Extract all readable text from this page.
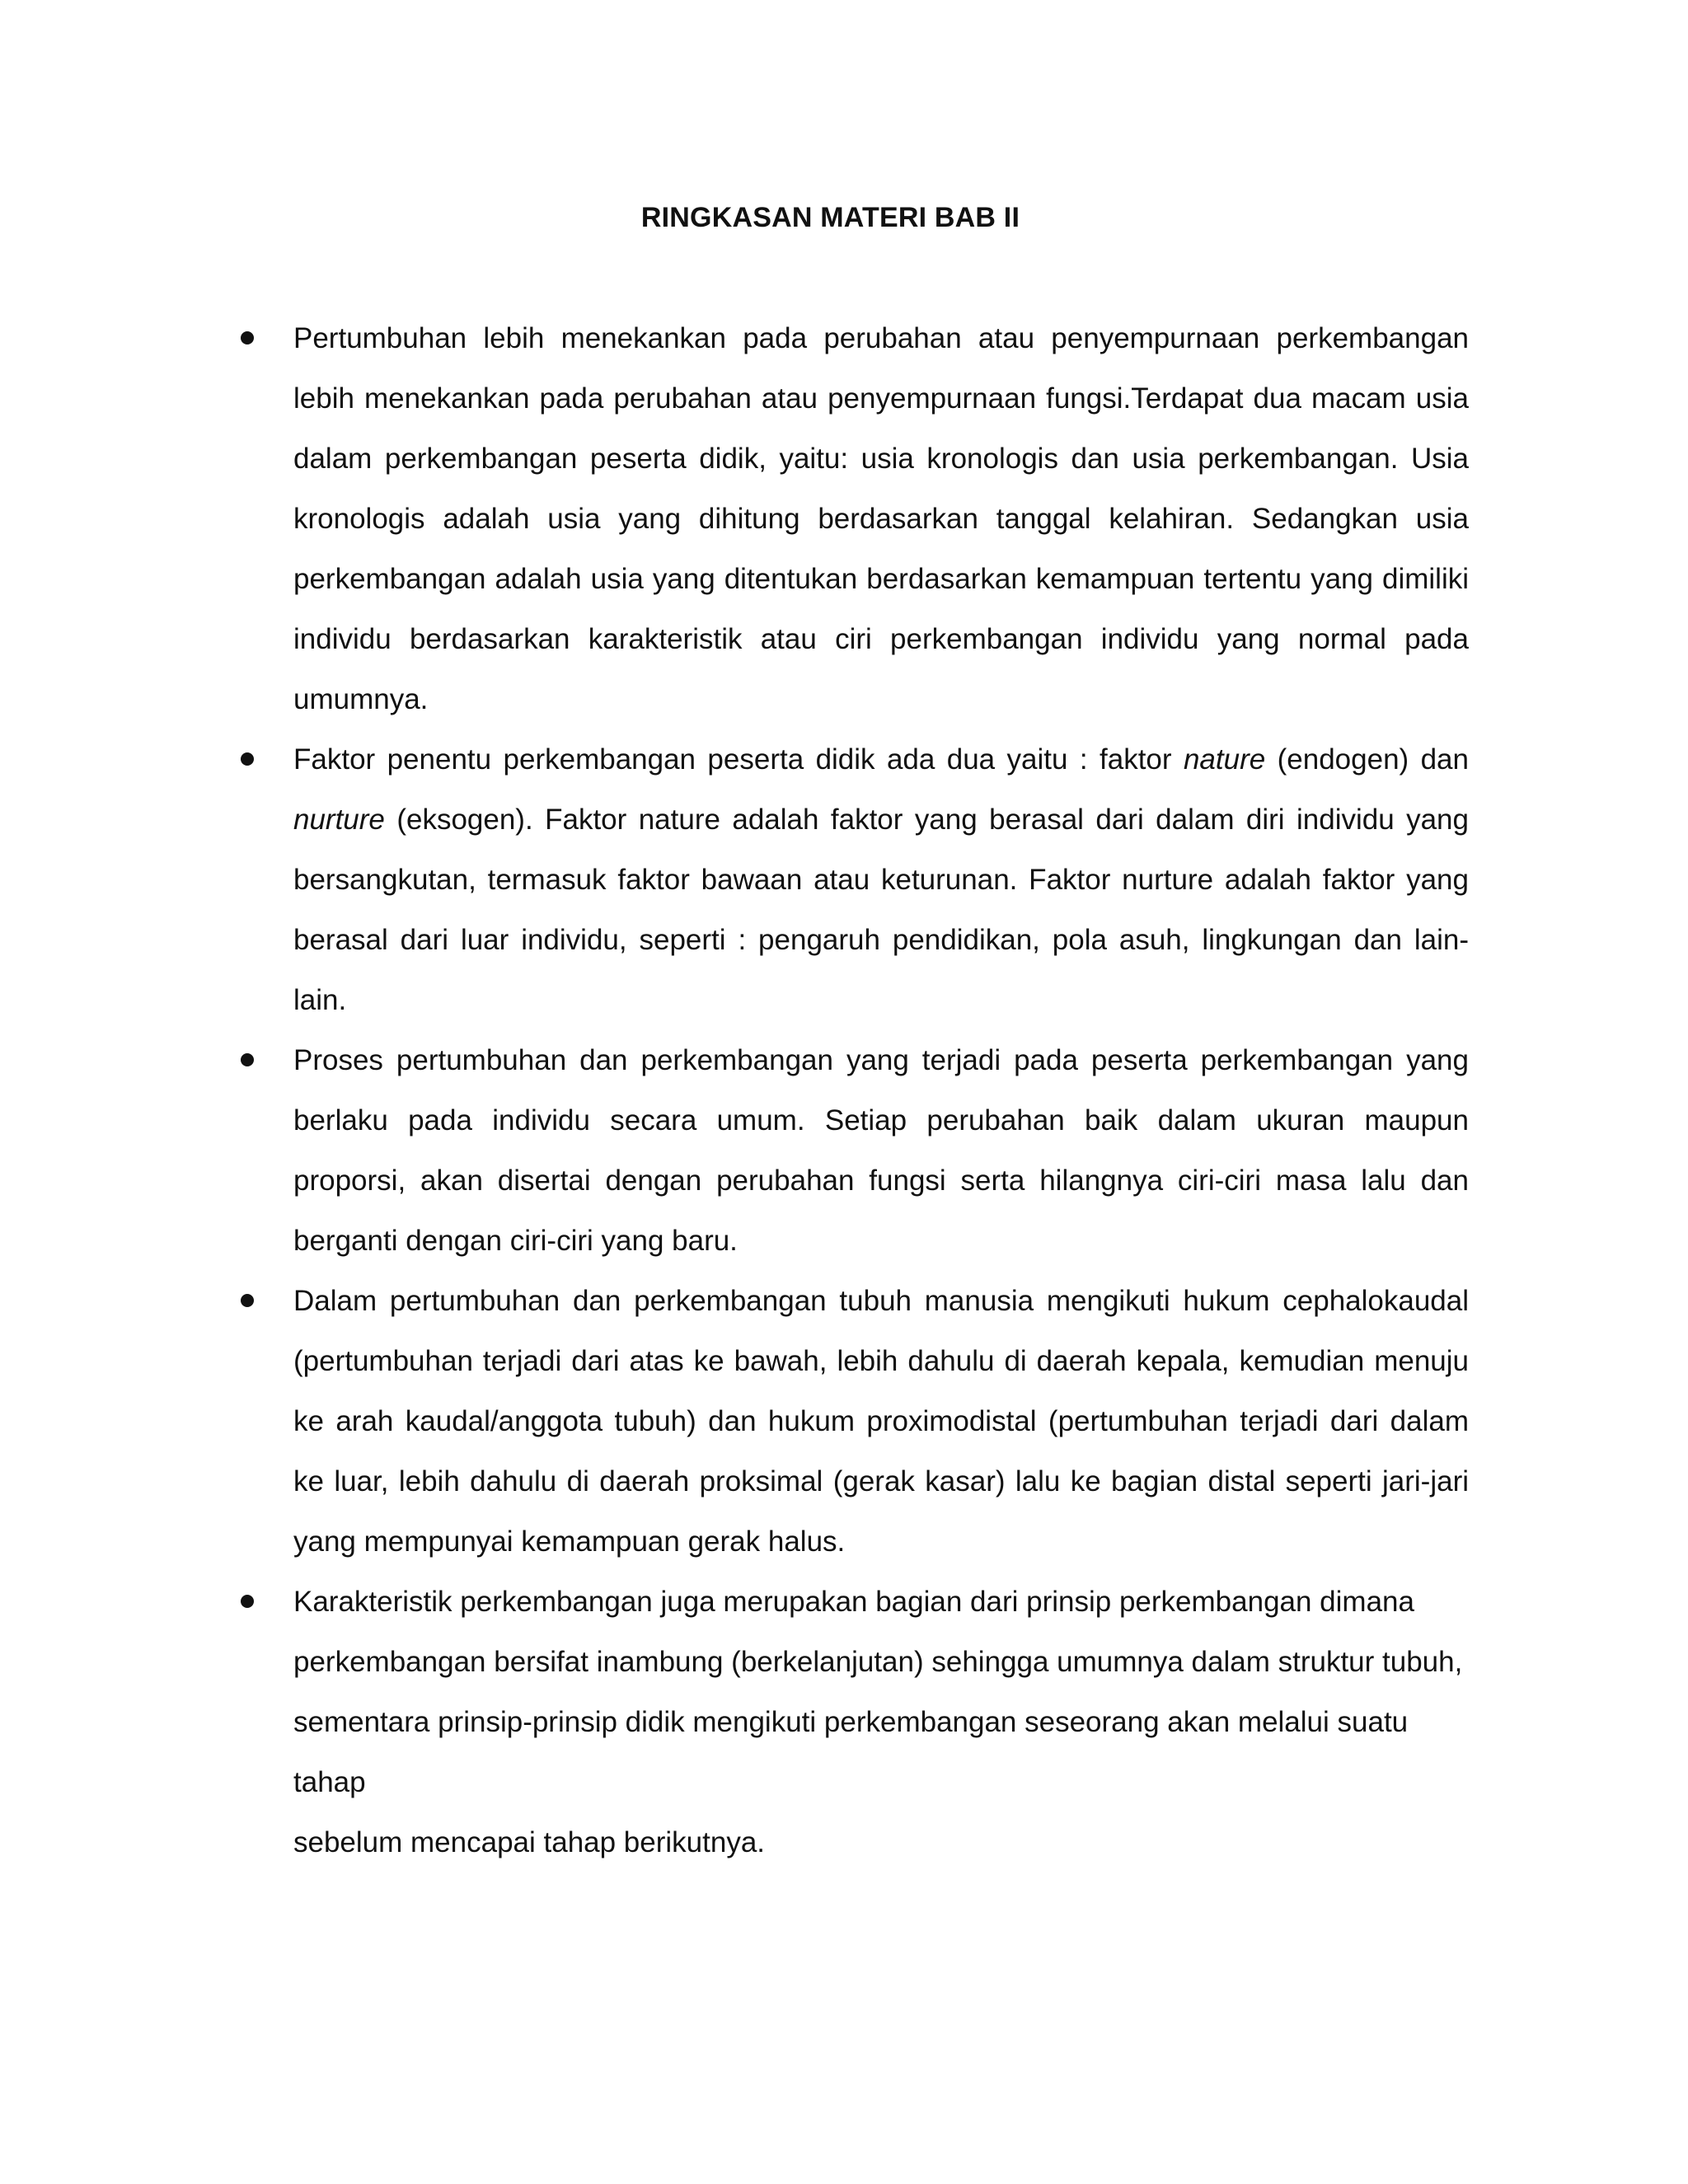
RINGKASAN MATERI BAB II
Pertumbuhan lebih menekankan pada perubahan atau penyempurnaan perkembangan lebih menekankan pada perubahan atau penyempurnaan fungsi.Terdapat dua macam usia dalam perkembangan peserta didik, yaitu: usia kronologis dan usia perkembangan. Usia kronologis adalah usia yang dihitung berdasarkan tanggal kelahiran. Sedangkan usia perkembangan adalah usia yang ditentukan berdasarkan kemampuan tertentu yang dimiliki individu berdasarkan karakteristik atau ciri perkembangan individu yang normal pada umumnya.
Faktor penentu perkembangan peserta didik ada dua yaitu : faktor nature (endogen) dan nurture (eksogen). Faktor nature adalah faktor yang berasal dari dalam diri individu yang bersangkutan, termasuk faktor bawaan atau keturunan. Faktor nurture adalah faktor yang berasal dari luar individu, seperti : pengaruh pendidikan, pola asuh, lingkungan dan lain-lain.
Proses pertumbuhan dan perkembangan yang terjadi pada peserta perkembangan yang berlaku pada individu secara umum. Setiap perubahan baik dalam ukuran maupun proporsi, akan disertai dengan perubahan fungsi serta hilangnya ciri-ciri masa lalu dan berganti dengan ciri-ciri yang baru.
Dalam pertumbuhan dan perkembangan tubuh manusia mengikuti hukum cephalokaudal (pertumbuhan terjadi dari atas ke bawah, lebih dahulu di daerah kepala, kemudian menuju ke arah kaudal/anggota tubuh) dan hukum proximodistal (pertumbuhan terjadi dari dalam ke luar, lebih dahulu di daerah proksimal (gerak kasar) lalu ke bagian distal seperti jari-jari yang mempunyai kemampuan gerak halus.
Karakteristik perkembangan juga merupakan bagian dari prinsip perkembangan dimana perkembangan bersifat inambung (berkelanjutan) sehingga umumnya dalam struktur tubuh, sementara prinsip-prinsip didik mengikuti perkembangan seseorang akan melalui suatu tahap
sebelum mencapai tahap berikutnya.
